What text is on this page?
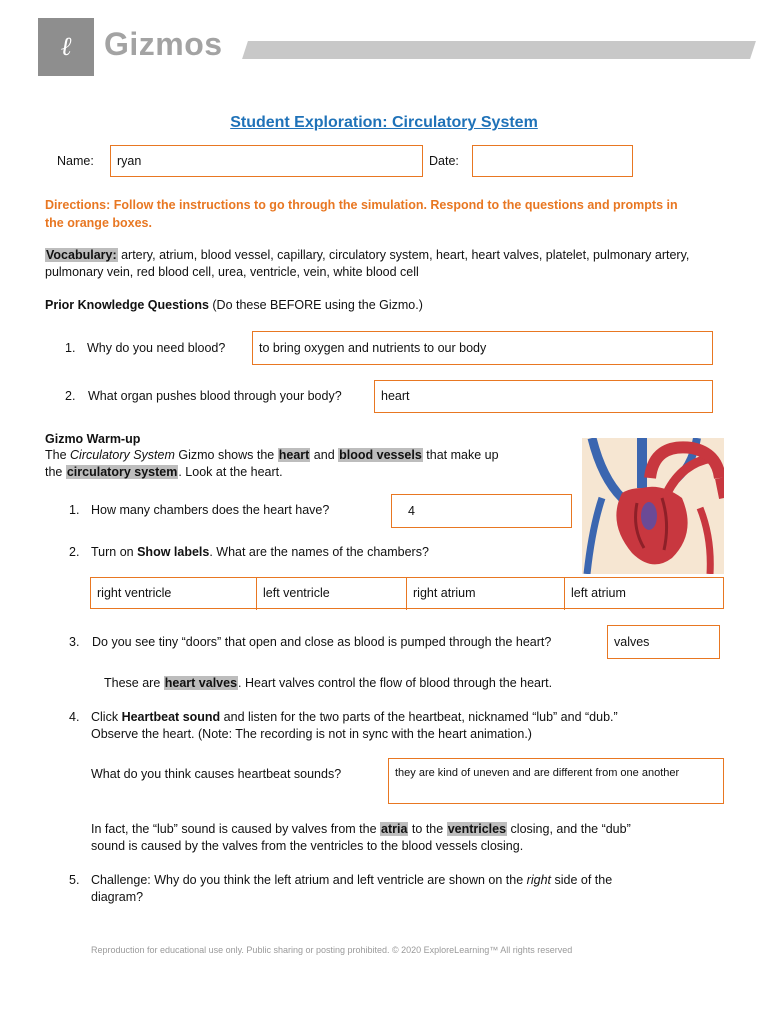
ℓ	Gizmos
Student Exploration: Circulatory System
Name:	ryan	Date:
Directions: Follow the instructions to go through the simulation. Respond to the questions and prompts in the orange boxes.
Vocabulary: artery, atrium, blood vessel, capillary, circulatory system, heart, heart valves, platelet, pulmonary artery, pulmonary vein, red blood cell, urea, ventricle, vein, white blood cell
Prior Knowledge Questions (Do these BEFORE using the Gizmo.)
1. Why do you need blood?	to bring oxygen and nutrients to our body
2. What organ pushes blood through your body?	heart
Gizmo Warm-up
The Circulatory System Gizmo shows the heart and blood vessels that make up
the circulatory system. Look at the heart.
1. How many chambers does the heart have?	4
2. Turn on Show labels. What are the names of the chambers?
right ventricle	left ventricle	right atrium	left atrium
3. Do you see tiny “doors” that open and close as blood is pumped through the heart?	valves
These are heart valves. Heart valves control the flow of blood through the heart.
4. Click Heartbeat sound and listen for the two parts of the heartbeat, nicknamed “lub” and “dub.”
Observe the heart. (Note: The recording is not in sync with the heart animation.)
What do you think causes heartbeat sounds?	they are kind of uneven and are different from one another
In fact, the “lub” sound is caused by valves from the atria to the ventricles closing, and the “dub”
sound is caused by the valves from the ventricles to the blood vessels closing.
5. Challenge: Why do you think the left atrium and left ventricle are shown on the right side of the
diagram?
Reproduction for educational use only. Public sharing or posting prohibited. © 2020 ExploreLearning™ All rights reserved
